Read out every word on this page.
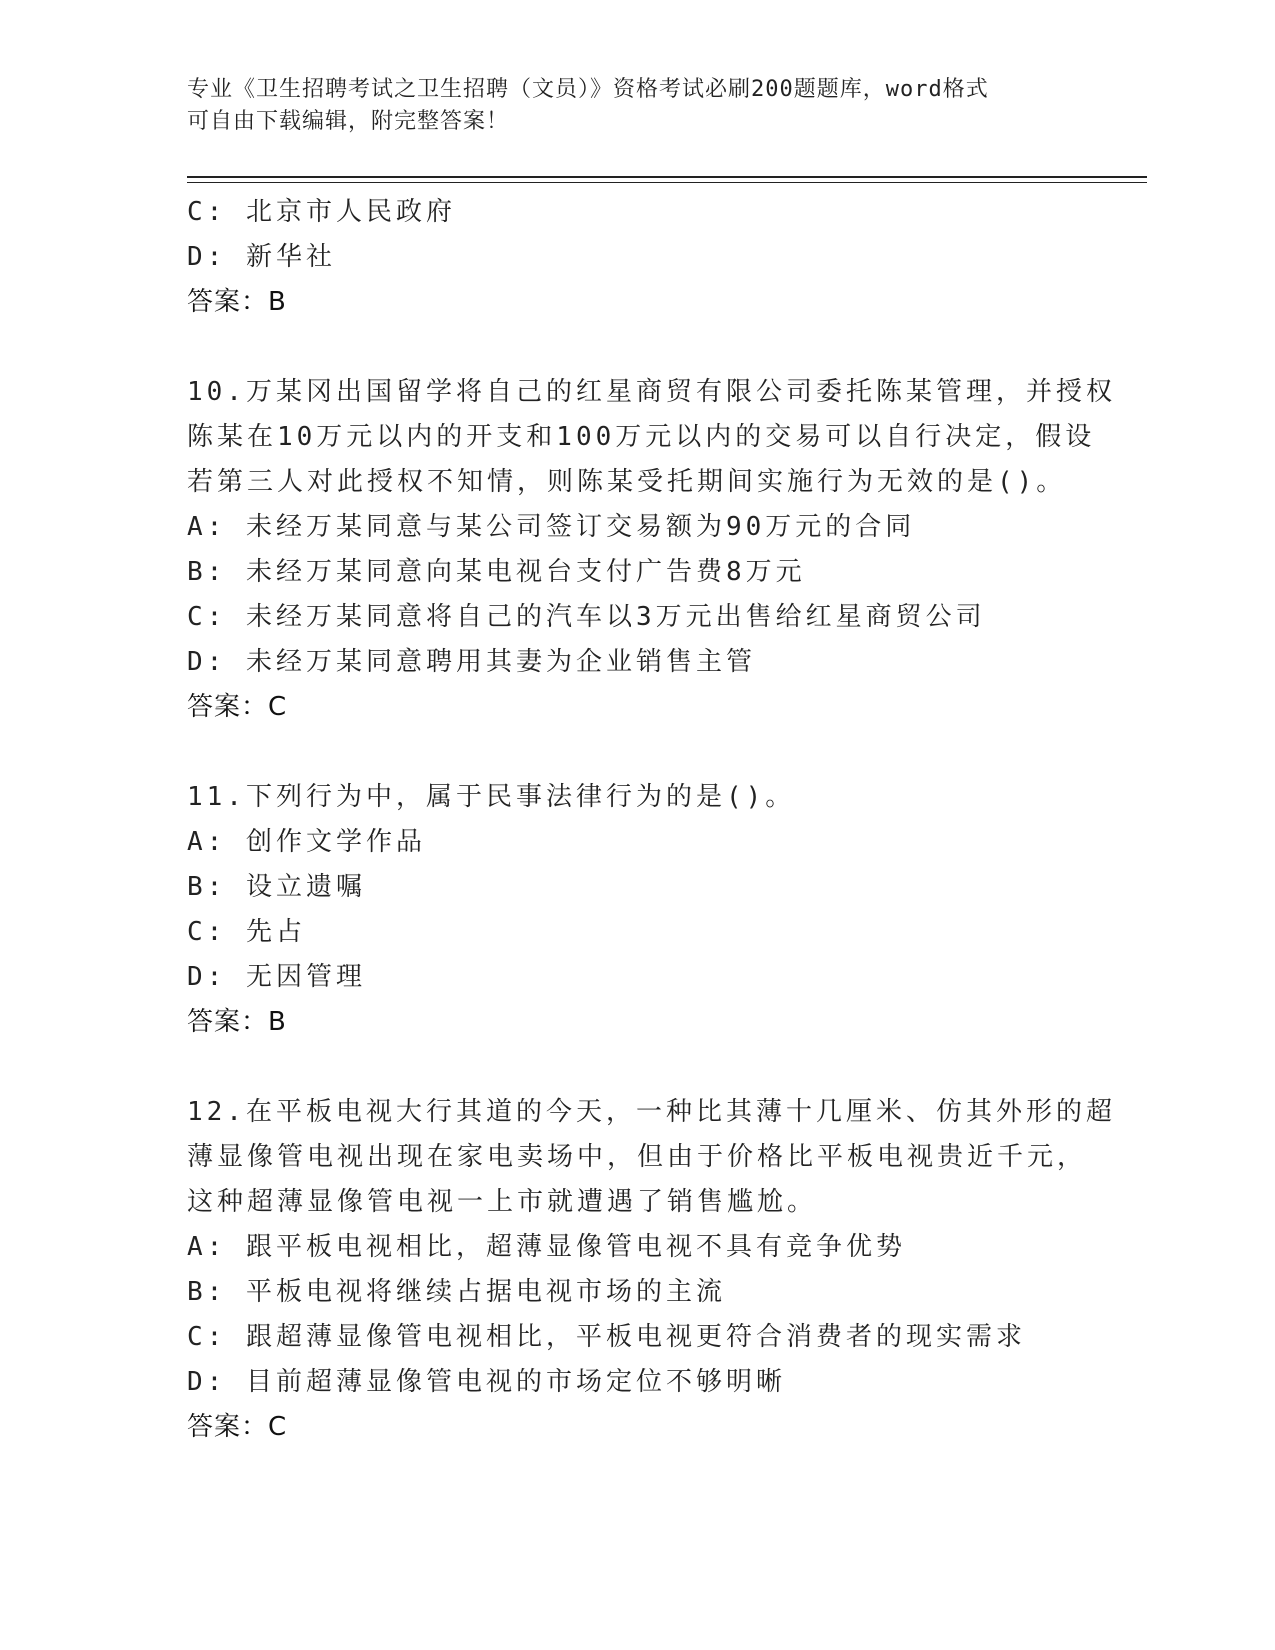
专业《卫生招聘考试之卫生招聘（文员）》资格考试必刷200题题库，word格式
可自由下载编辑，附完整答案！
C: 北京市人民政府
D: 新华社
答案：B
10.万某冈出国留学将自己的红星商贸有限公司委托陈某管理，并授权
陈某在10万元以内的开支和100万元以内的交易可以自行决定，假设
若第三人对此授权不知情，则陈某受托期间实施行为无效的是()。
A: 未经万某同意与某公司签订交易额为90万元的合同
B: 未经万某同意向某电视台支付广告费8万元
C: 未经万某同意将自己的汽车以3万元出售给红星商贸公司
D: 未经万某同意聘用其妻为企业销售主管
答案：C
11.下列行为中，属于民事法律行为的是()。
A: 创作文学作品
B: 设立遗嘱
C: 先占
D: 无因管理
答案：B
12.在平板电视大行其道的今天，一种比其薄十几厘米、仿其外形的超
薄显像管电视出现在家电卖场中，但由于价格比平板电视贵近千元，
这种超薄显像管电视一上市就遭遇了销售尴尬。
A: 跟平板电视相比，超薄显像管电视不具有竞争优势
B: 平板电视将继续占据电视市场的主流
C: 跟超薄显像管电视相比，平板电视更符合消费者的现实需求
D: 目前超薄显像管电视的市场定位不够明晰
答案：C
